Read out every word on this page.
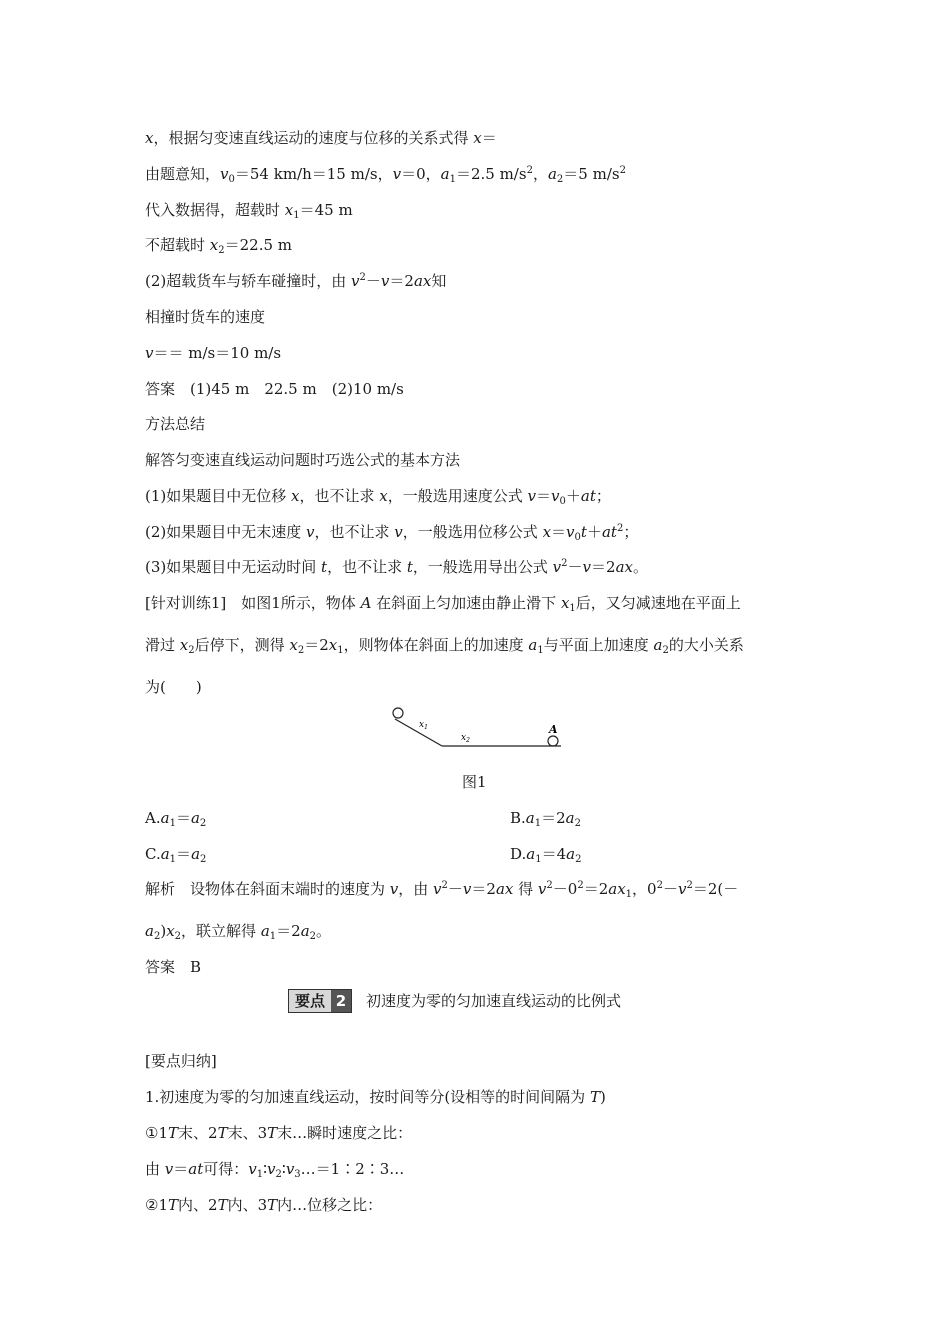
x，根据匀变速直线运动的速度与位移的关系式得 x＝
由题意知，$v_0=54$ km/h＝15 m/s，v＝0，$a_1=2.5$ $m/s^2$，$a_2=5$ $m/s^2$
代入数据得，超载时 $x_1=45$ m
不超载时 $x_2=22.5$ m
(2)超载货车与轿车碰撞时，由 $v^2-v=2ax$知
相撞时货车的速度
v＝＝ m/s＝10 m/s
答案　(1)45 m　22.5 m　(2)10 m/s
方法总结
解答匀变速直线运动问题时巧选公式的基本方法
(1)如果题目中无位移 x，也不让求 x，一般选用速度公式 $v=v_0+at$；
(2)如果题目中无末速度 v，也不让求 v，一般选用位移公式 $x=v_0t+at^2$；
(3)如果题目中无运动时间 t，也不让求 t，一般选用导出公式 $v^2-v=2ax$。
[针对训练1]　如图1所示，物体 A 在斜面上匀加速由静止滑下 $x_1$后，又匀减速地在平面上
滑过 $x_2$后停下，测得 $x_2=2x_1$，则物体在斜面上的加速度 $a_1$与平面上加速度 $a_2$的大小关系
为(　　)
$x_1$
$x_2$
A
图1
$A.a_1=a_2$	$B.a_1=2a_2$
$C.a_1=a_2$	$D.a_1=4a_2$
解析　设物体在斜面末端时的速度为 v，由 $v^2-v=2ax$ 得 $v^2-0^2=2ax_1$，$0^2-v^2=2(-$
$a_2)x_2$，联立解得 $a_1=2a_2$。
答案　B
要点 2	初速度为零的匀加速直线运动的比例式
[要点归纳]
1.初速度为零的匀加速直线运动，按时间等分(设相等的时间间隔为 T)
①1T末、2T末、3T末…瞬时速度之比：
由 v＝at可得：$v_1∶v_2∶v_3\dots=1∶2∶3\dots$
②1T内、2T内、3T内…位移之比：
